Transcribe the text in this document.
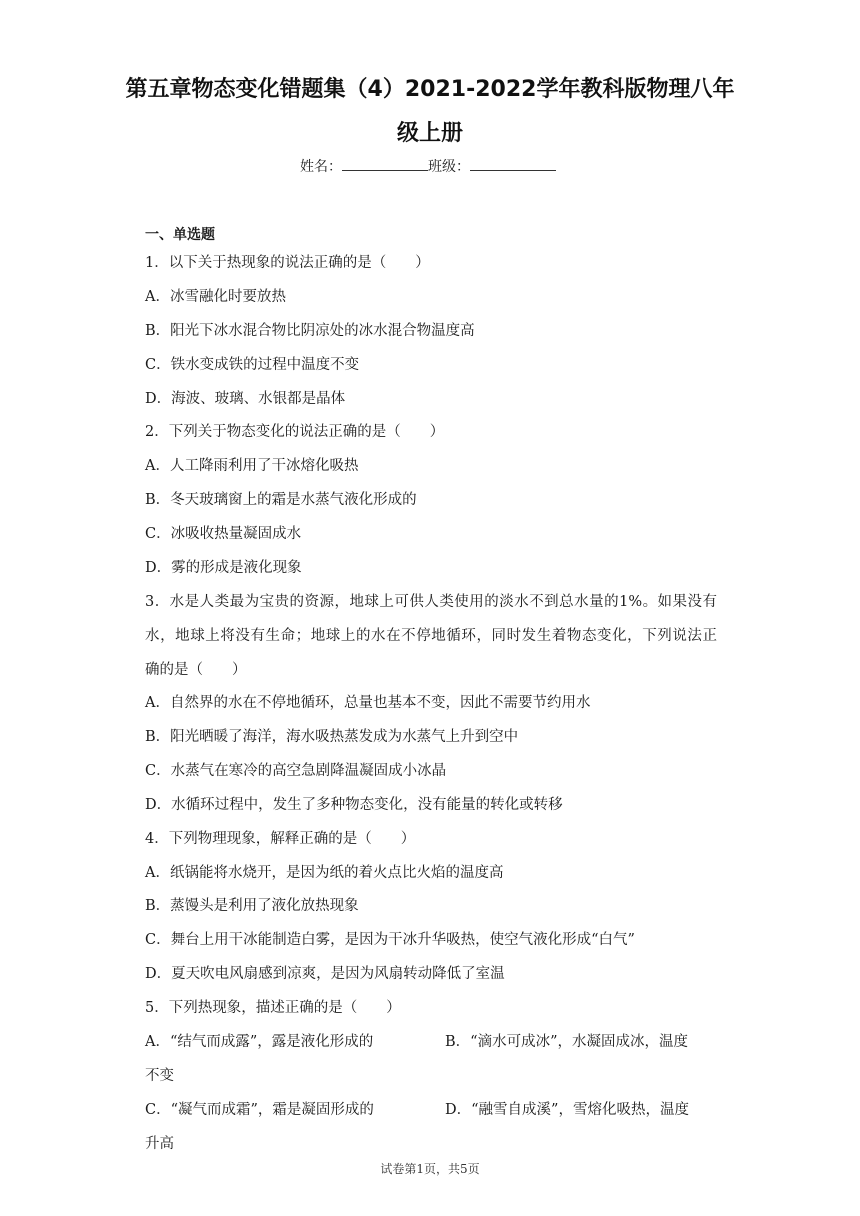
第五章物态变化错题集（4）2021-2022学年教科版物理八年
级上册
姓名：	班级：
一、单选题
1．以下关于热现象的说法正确的是（　　）
A．冰雪融化时要放热
B．阳光下冰水混合物比阴凉处的冰水混合物温度高
C．铁水变成铁的过程中温度不变
D．海波、玻璃、水银都是晶体
2．下列关于物态变化的说法正确的是（　　）
A．人工降雨利用了干冰熔化吸热
B．冬天玻璃窗上的霜是水蒸气液化形成的
C．冰吸收热量凝固成水
D．雾的形成是液化现象
3．水是人类最为宝贵的资源，地球上可供人类使用的淡水不到总水量的1%。如果没有
水，地球上将没有生命；地球上的水在不停地循环，同时发生着物态变化，下列说法正
确的是（　　）
A．自然界的水在不停地循环，总量也基本不变，因此不需要节约用水
B．阳光晒暖了海洋，海水吸热蒸发成为水蒸气上升到空中
C．水蒸气在寒冷的高空急剧降温凝固成小冰晶
D．水循环过程中，发生了多种物态变化，没有能量的转化或转移
4．下列物理现象，解释正确的是（　　）
A．纸锅能将水烧开，是因为纸的着火点比火焰的温度高
B．蒸馒头是利用了液化放热现象
C．舞台上用干冰能制造白雾，是因为干冰升华吸热，使空气液化形成“白气”
D．夏天吹电风扇感到凉爽，是因为风扇转动降低了室温
5．下列热现象，描述正确的是（　　）
A．“结气而成露”，露是液化形成的	B．“滴水可成冰”，水凝固成冰，温度
不变
C．“凝气而成霜”，霜是凝固形成的	D．“融雪自成溪”，雪熔化吸热，温度
升高
试卷第1页，共5页
